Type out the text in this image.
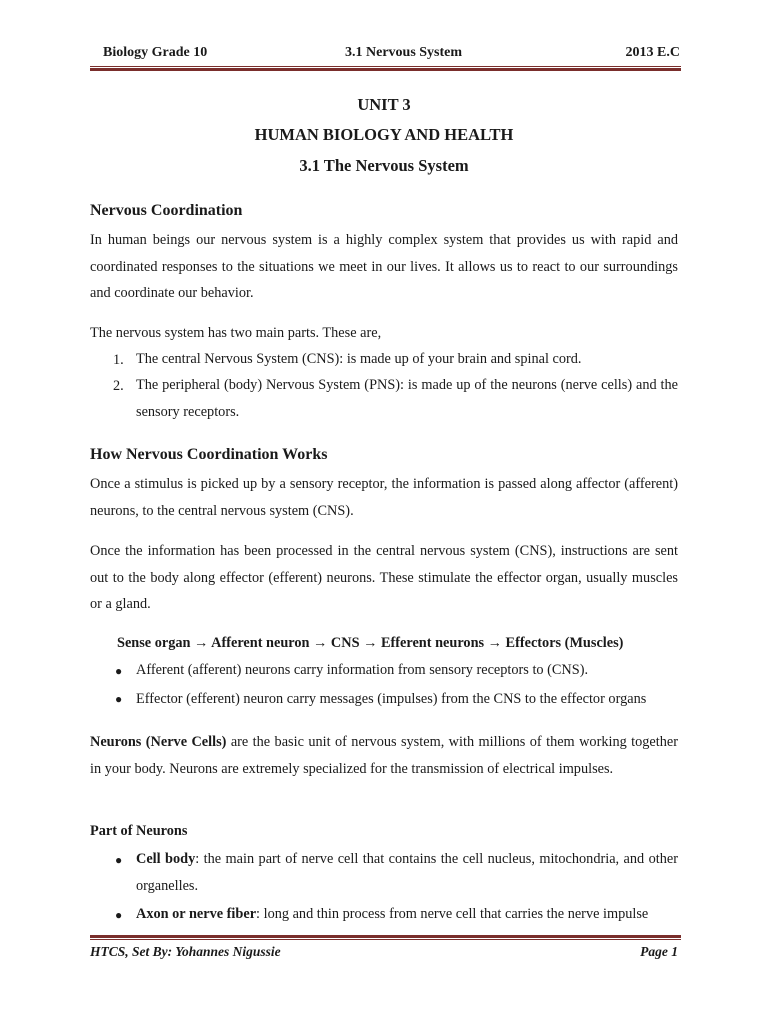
Biology Grade 10	3.1 Nervous System	2013 E.C
UNIT 3
HUMAN BIOLOGY AND HEALTH
3.1 The Nervous System
Nervous Coordination

In human beings our nervous system is a highly complex system that provides us with rapid and coordinated responses to the situations we meet in our lives. It allows us to react to our surroundings and coordinate our behavior.

The nervous system has two main parts. These are,
1. The central Nervous System (CNS): is made up of your brain and spinal cord.
2. The peripheral (body) Nervous System (PNS): is made up of the neurons (nerve cells) and the sensory receptors.
How Nervous Coordination Works

Once a stimulus is picked up by a sensory receptor, the information is passed along affector (afferent) neurons, to the central nervous system (CNS).

Once the information has been processed in the central nervous system (CNS), instructions are sent out to the body along effector (efferent) neurons. These stimulate the effector organ, usually muscles or a gland.

Sense organ → Afferent neuron → CNS → Efferent neurons → Effectors (Muscles)
● Afferent (afferent) neurons carry information from sensory receptors to (CNS).
● Effector (efferent) neuron carry messages (impulses) from the CNS to the effector organs

Neurons (Nerve Cells) are the basic unit of nervous system, with millions of them working together in your body. Neurons are extremely specialized for the transmission of electrical impulses.

Part of Neurons
● Cell body: the main part of nerve cell that contains the cell nucleus, mitochondria, and other organelles.
● Axon or nerve fiber: long and thin process from nerve cell that carries the nerve impulse
HTCS, Set By: Yohannes Nigussie	Page 1
